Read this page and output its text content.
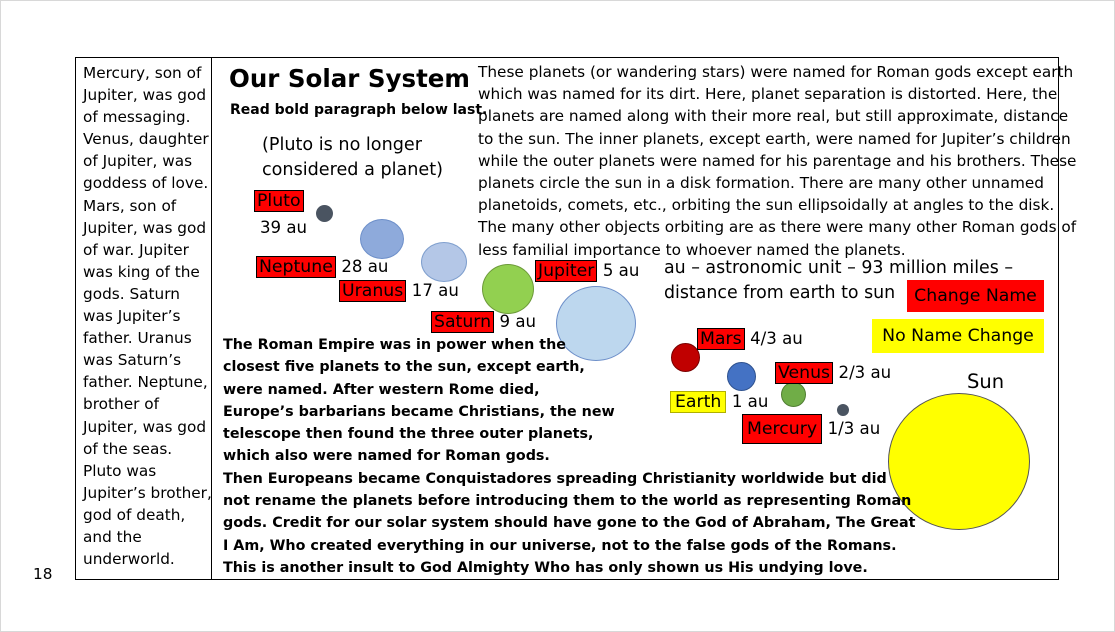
18
Mercury, son of Jupiter, was god of messaging. Venus, daughter of Jupiter, was goddess of love. Mars, son of Jupiter, was god of war. Jupiter was king of the gods. Saturn was Jupiter’s father. Uranus was Saturn’s father. Neptune, brother of Jupiter, was god of the seas. Pluto was Jupiter’s brother, god of death, and the underworld.
Our Solar System
Read bold paragraph below last.
These planets (or wandering stars) were named for Roman gods except earth which was named for its dirt. Here, planet separation is distorted. Here, the planets are named along with their more real, but still approximate, distance to the sun. The inner planets, except earth, were named for Jupiter’s children while the outer planets were named for his parentage and his brothers. These planets circle the sun in a disk formation. There are many other unnamed planetoids, comets, etc., orbiting the sun ellipsoidally at angles to the disk. The many other objects orbiting are as there were many other Roman gods of less familial importance to whoever named the planets.
(Pluto is no longer considered a planet)
au – astronomic unit – 93 million miles – distance from earth to sun
Sun
Pluto
39 au
Neptune 28 au
Uranus 17 au
Saturn 9 au
Jupiter 5 au
Mars 4/3 au
Earth 1 au
Venus 2/3 au
Mercury 1/3 au
Change Name
No Name Change
The Roman Empire was in power when the
closest five planets to the sun, except earth,
were named. After western Rome died,
Europe’s barbarians became Christians, the new
telescope then found the three outer planets,
which also were named for Roman gods.
Then Europeans became Conquistadores spreading Christianity worldwide but did
not rename the planets before introducing them to the world as representing Roman
gods. Credit for our solar system should have gone to the God of Abraham, The Great
I Am, Who created everything in our universe, not to the false gods of the Romans.
This is another insult to God Almighty Who has only shown us His undying love.
